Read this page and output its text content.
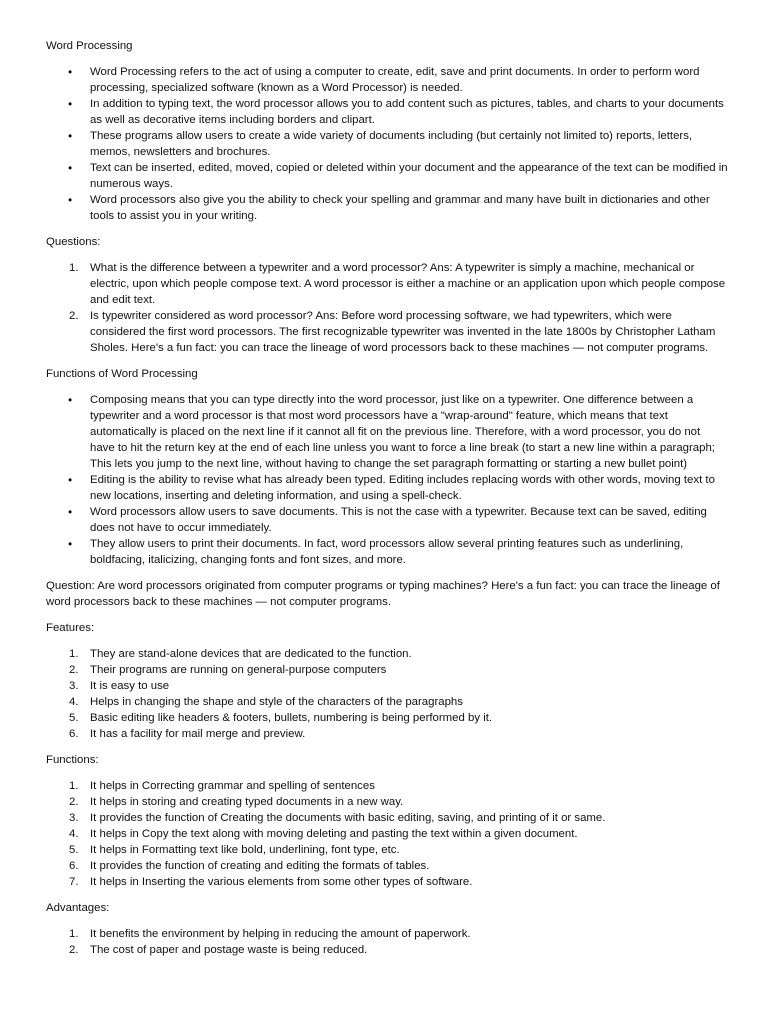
Word Processing

• Word Processing refers to the act of using a computer to create, edit, save and print documents. In order to perform word processing, specialized software (known as a Word Processor) is needed.
• In addition to typing text, the word processor allows you to add content such as pictures, tables, and charts to your documents as well as decorative items including borders and clipart.
• These programs allow users to create a wide variety of documents including (but certainly not limited to) reports, letters, memos, newsletters and brochures.
• Text can be inserted, edited, moved, copied or deleted within your document and the appearance of the text can be modified in numerous ways.
• Word processors also give you the ability to check your spelling and grammar and many have built in dictionaries and other tools to assist you in your writing.

Questions:

1. What is the difference between a typewriter and a word processor? Ans: A typewriter is simply a machine, mechanical or electric, upon which people compose text. A word processor is either a machine or an application upon which people compose and edit text.
2. Is typewriter considered as word processor? Ans: Before word processing software, we had typewriters, which were considered the first word processors. The first recognizable typewriter was invented in the late 1800s by Christopher Latham Sholes. Here's a fun fact: you can trace the lineage of word processors back to these machines — not computer programs.

Functions of Word Processing

• Composing means that you can type directly into the word processor, just like on a typewriter. One difference between a typewriter and a word processor is that most word processors have a "wrap-around" feature, which means that text automatically is placed on the next line if it cannot all fit on the previous line. Therefore, with a word processor, you do not have to hit the return key at the end of each line unless you want to force a line break (to start a new line within a paragraph; This lets you jump to the next line, without having to change the set paragraph formatting or starting a new bullet point)
• Editing is the ability to revise what has already been typed. Editing includes replacing words with other words, moving text to new locations, inserting and deleting information, and using a spell-check.
• Word processors allow users to save documents. This is not the case with a typewriter. Because text can be saved, editing does not have to occur immediately.
• They allow users to print their documents. In fact, word processors allow several printing features such as underlining, boldfacing, italicizing, changing fonts and font sizes, and more.

Question: Are word processors originated from computer programs or typing machines? Here's a fun fact: you can trace the lineage of word processors back to these machines — not computer programs.

Features:

1. They are stand-alone devices that are dedicated to the function.
2. Their programs are running on general-purpose computers
3. It is easy to use
4. Helps in changing the shape and style of the characters of the paragraphs
5. Basic editing like headers & footers, bullets, numbering is being performed by it.
6. It has a facility for mail merge and preview.

Functions:

1. It helps in Correcting grammar and spelling of sentences
2. It helps in storing and creating typed documents in a new way.
3. It provides the function of Creating the documents with basic editing, saving, and printing of it or same.
4. It helps in Copy the text along with moving deleting and pasting the text within a given document.
5. It helps in Formatting text like bold, underlining, font type, etc.
6. It provides the function of creating and editing the formats of tables.
7. It helps in Inserting the various elements from some other types of software.

Advantages:

1. It benefits the environment by helping in reducing the amount of paperwork.
2. The cost of paper and postage waste is being reduced.
